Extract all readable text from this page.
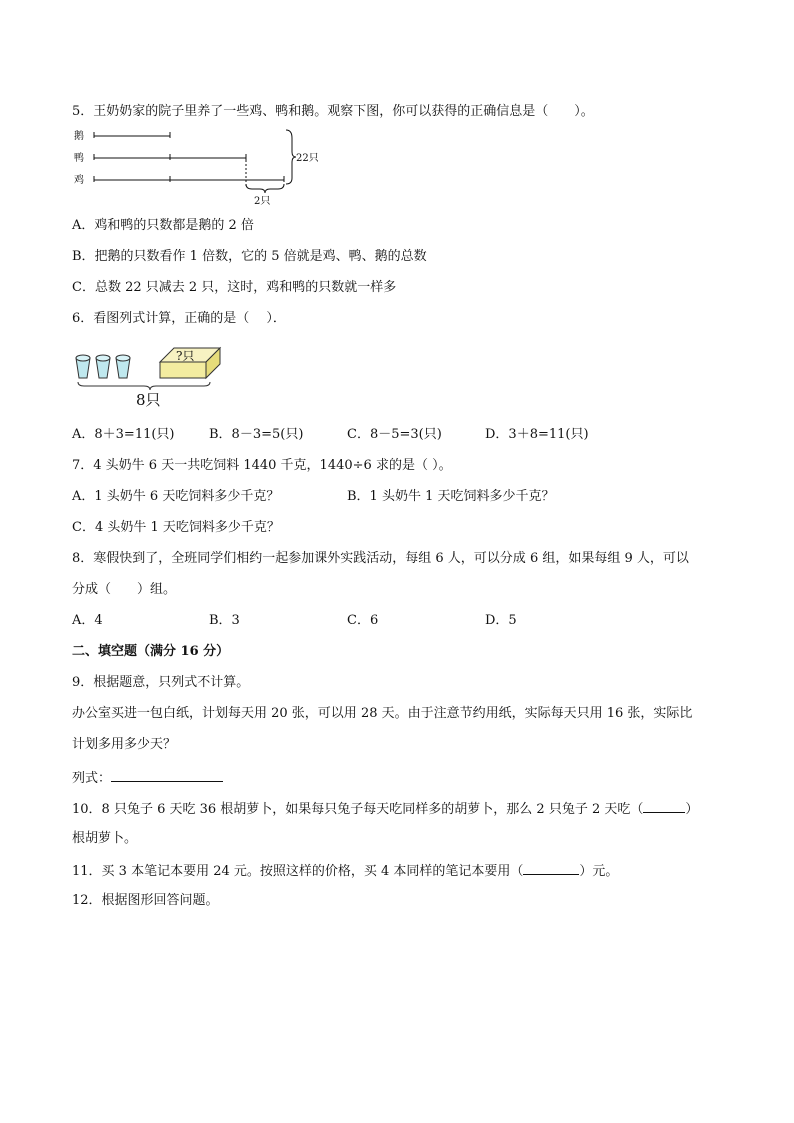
5．王奶奶家的院子里养了一些鸡、鸭和鹅。观察下图，你可以获得的正确信息是（　　）。
鹅
鸭
鸡
22只
2只
A．鸡和鸭的只数都是鹅的 2 倍
B．把鹅的只数看作 1 倍数，它的 5 倍就是鸡、鸭、鹅的总数
C．总数 22 只减去 2 只，这时，鸡和鸭的只数就一样多
6．看图列式计算，正确的是（　 ）．
?只
8只
A．8＋3=11(只)	B．8－3=5(只)	C．8－5=3(只)	D．3＋8=11(只)
7．4 头奶牛 6 天一共吃饲料 1440 千克，1440÷6 求的是（ ）。
A．1 头奶牛 6 天吃饲料多少千克？	B．1 头奶牛 1 天吃饲料多少千克？
C．4 头奶牛 1 天吃饲料多少千克？
8．寒假快到了，全班同学们相约一起参加课外实践活动，每组 6 人，可以分成 6 组，如果每组 9 人，可以
分成（　　）组。
A．4	B．3	C．6	D．5
二、填空题（满分 16 分）
9．根据题意，只列式不计算。
办公室买进一包白纸，计划每天用 20 张，可以用 28 天。由于注意节约用纸，实际每天只用 16 张，实际比
计划多用多少天？
列式：
10．8 只兔子 6 天吃 36 根胡萝卜，如果每只兔子每天吃同样多的胡萝卜，那么 2 只兔子 2 天吃（	）
根胡萝卜。
11．买 3 本笔记本要用 24 元。按照这样的价格，买 4 本同样的笔记本要用（	）元。
12．根据图形回答问题。
